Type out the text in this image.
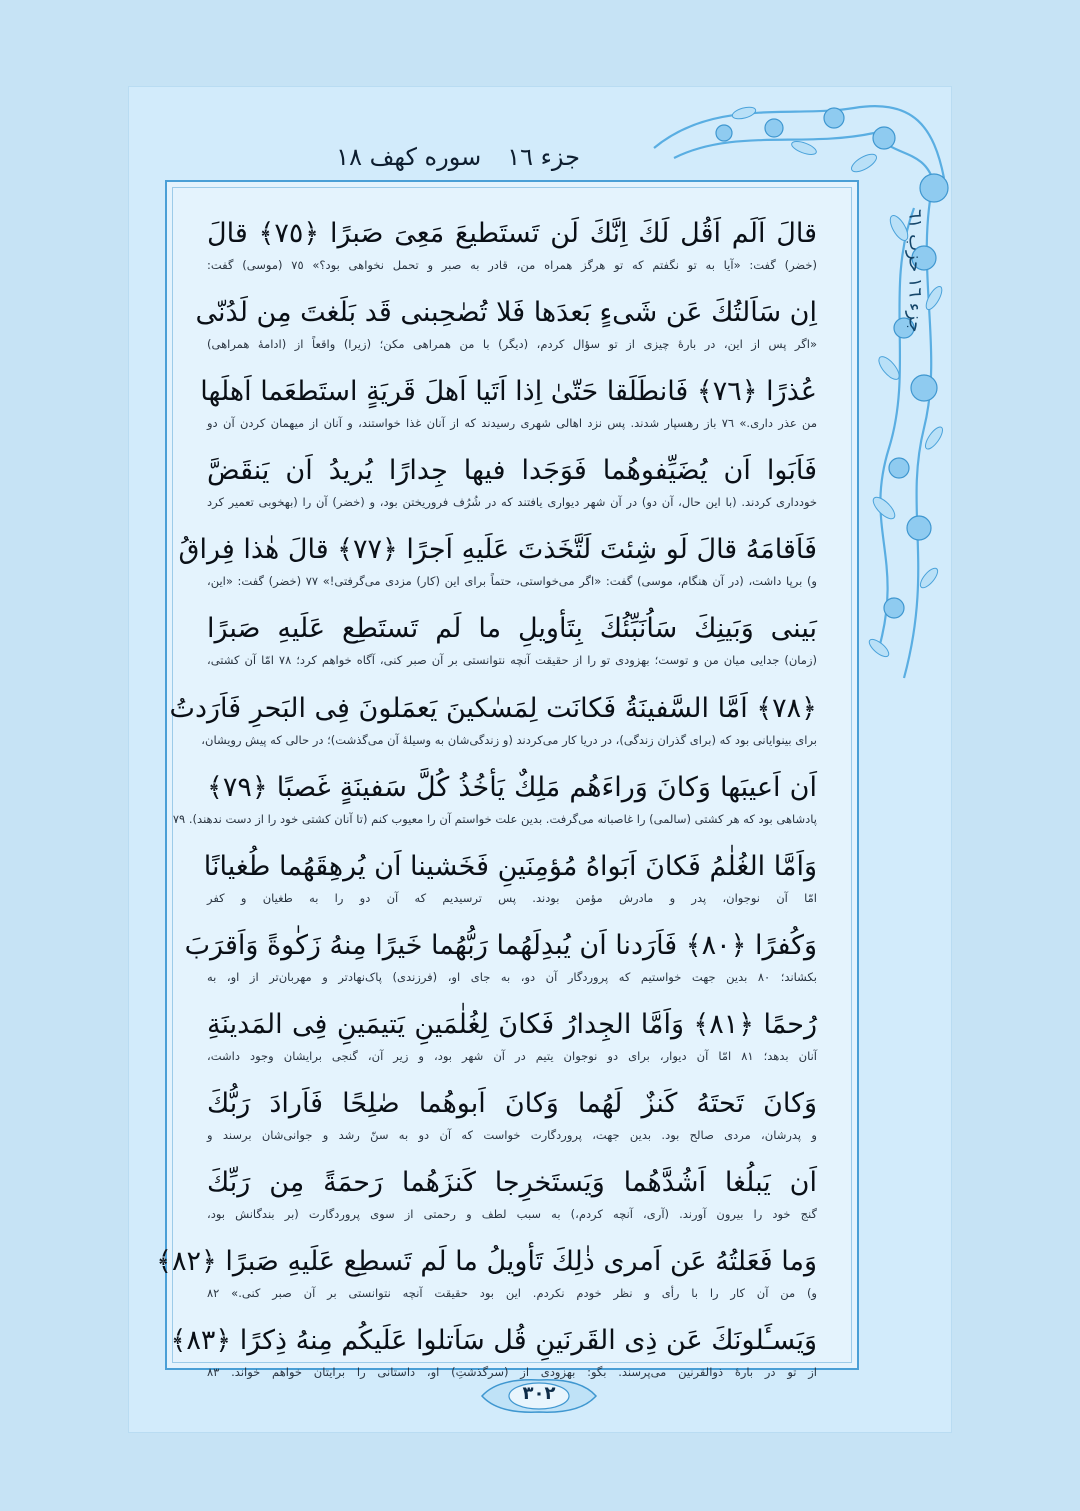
جزء ١٦ حزب ٦١
جزء ١٦
سوره کهف ١٨
قالَ اَلَم اَقُل لَكَ اِنَّكَ لَن تَستَطيعَ مَعِىَ صَبرًا ﴿٧٥﴾ قالَ
(خضر) گفت: «آیا به تو نگفتم که تو هرگز همراه من، قادر به صبر و تحمل نخواهی بود؟» ٧٥ (موسی) گفت:
اِن سَاَلتُكَ عَن شَىءٍ بَعدَها فَلا تُصٰحِبنى قَد بَلَغتَ مِن لَدُنّى
«اگر پس از این، در بارهٔ چیزی از تو سؤال کردم، (دیگر) با من همراهی مکن؛ (زیرا) واقعاً از (ادامهٔ همراهی)
عُذرًا ﴿٧٦﴾ فَانطَلَقا حَتّىٰ اِذا اَتَيا اَهلَ قَريَةٍ استَطعَما اَهلَها
من عذر داری.» ٧٦ باز رهسپار شدند. پس نزد اهالی شهری رسیدند که از آنان غذا خواستند، و آنان از میهمان کردن آن دو
فَاَبَوا اَن يُضَيِّفوهُما فَوَجَدا فيها جِدارًا يُريدُ اَن يَنقَضَّ
خودداری کردند. (با این حال، آن دو) در آن شهر دیواری یافتند که در شُرُف فروریختن بود، و (خضر) آن را (بهخوبی تعمیر کرد
فَاَقامَهُ قالَ لَو شِئتَ لَتَّخَذتَ عَلَيهِ اَجرًا ﴿٧٧﴾ قالَ هٰذا فِراقُ
و) برپا داشت، (در آن هنگام، موسی) گفت: «اگر می‌خواستی، حتماً برای این (کار) مزدی می‌گرفتی!» ٧٧ (خضر) گفت: «این،
بَينى وَبَينِكَ سَاُنَبِّئُكَ بِتَأويلِ ما لَم تَستَطِع عَلَيهِ صَبرًا
(زمان) جدایی میان من و توست؛ بهزودی تو را از حقیقت آنچه نتوانستی بر آن صبر کنی، آگاه خواهم کرد؛ ٧٨ امّا آن کشتی،
﴿٧٨﴾ اَمَّا السَّفينَةُ فَكانَت لِمَسٰكينَ يَعمَلونَ فِى البَحرِ فَاَرَدتُ
برای بینوایانی بود که (برای گذران زندگی)، در دریا کار می‌کردند (و زندگی‌شان به وسیلهٔ آن می‌گذشت)؛ در حالی که پیش رویشان،
اَن اَعيبَها وَكانَ وَراءَهُم مَلِكٌ يَأخُذُ كُلَّ سَفينَةٍ غَصبًا ﴿٧٩﴾
پادشاهی بود که هر کشتی (سالمی) را غاصبانه می‌گرفت. بدین علت خواستم آن را معیوب کنم (تا آنان کشتی خود را از دست ندهند). ٧٩
وَاَمَّا الغُلٰمُ فَكانَ اَبَواهُ مُؤمِنَينِ فَخَشينا اَن يُرهِقَهُما طُغيانًا
امّا آن نوجوان، پدر و مادرش مؤمن بودند. پس ترسیدیم که آن دو را به طغیان و کفر
وَكُفرًا ﴿٨٠﴾ فَاَرَدنا اَن يُبدِلَهُما رَبُّهُما خَيرًا مِنهُ زَكٰوةً وَاَقرَبَ
بکشاند؛ ٨٠ بدین جهت خواستیم که پروردگار آن دو، به جای او، (فرزندی) پاک‌نهادتر و مهربان‌تر از او، به
رُحمًا ﴿٨١﴾ وَاَمَّا الجِدارُ فَكانَ لِغُلٰمَينِ يَتيمَينِ فِى المَدينَةِ
آنان بدهد؛ ٨١ امّا آن دیوار، برای دو نوجوان یتیم در آن شهر بود، و زیر آن، گنجی برایشان وجود داشت،
وَكانَ تَحتَهُ كَنزٌ لَهُما وَكانَ اَبوهُما صٰلِحًا فَاَرادَ رَبُّكَ
و پدرشان، مردی صالح بود. بدین جهت، پروردگارت خواست که آن دو به سنّ رشد و جوانی‌شان برسند و
اَن يَبلُغا اَشُدَّهُما وَيَستَخرِجا كَنزَهُما رَحمَةً مِن رَبِّكَ
گنج خود را بیرون آورند. (آری، آنچه کردم،) به سبب لطف و رحمتی از سوی پروردگارت (بر بندگانش بود،
وَما فَعَلتُهُ عَن اَمرى ذٰلِكَ تَأويلُ ما لَم تَسطِع عَلَيهِ صَبرًا ﴿٨٢﴾
و) من آن کار را با رأی و نظر خودم نکردم. این بود حقیقت آنچه نتوانستی بر آن صبر کنی.» ٨٢
وَيَسـَٔلونَكَ عَن ذِى القَرنَينِ قُل سَاَتلوا عَلَيكُم مِنهُ ذِكرًا ﴿٨٣﴾
از تو در بارهٔ ذوالقرنین می‌پرسند. بگو: بهزودی از (سرگذشتِ) او، داستانی را برایتان خواهم خواند. ٨٣
٣٠٢
